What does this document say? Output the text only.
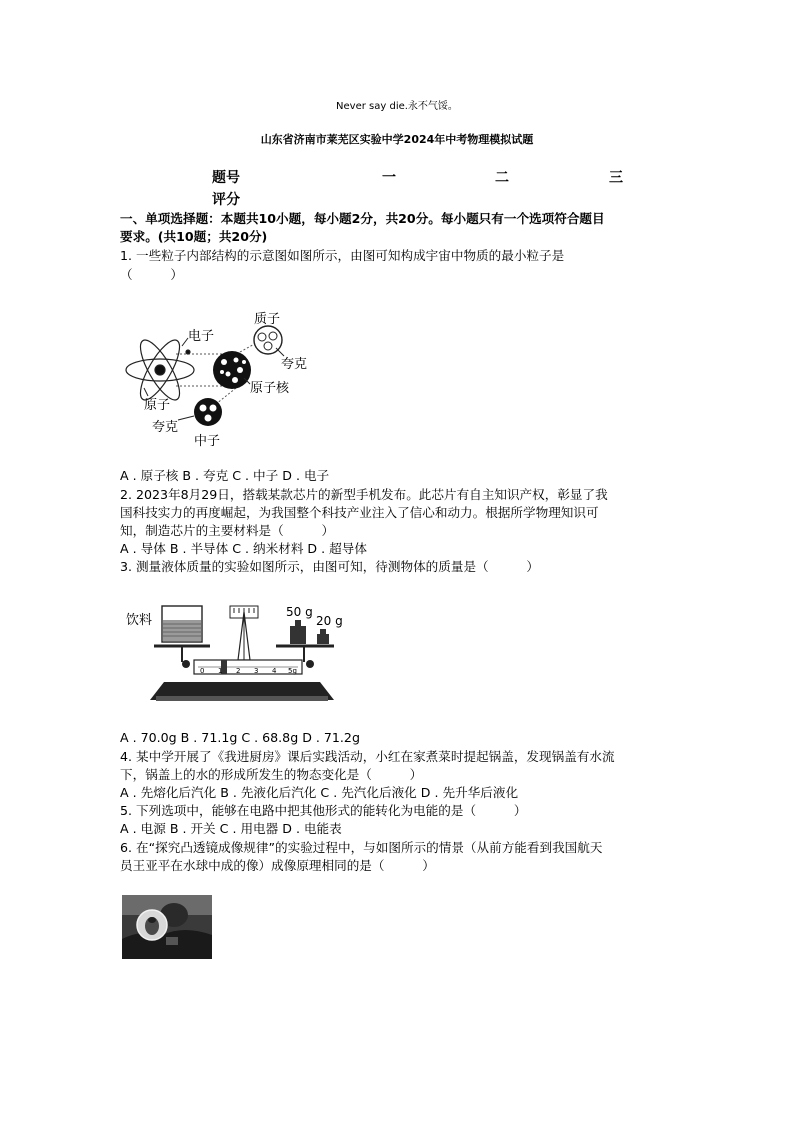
Never say die.永不气馁。
山东省济南市莱芜区实验中学2024年中考物理模拟试题
题号	一	二	三
评分
一、单项选择题：本题共10小题，每小题2分，共20分。每小题只有一个选项符合题目
要求。(共10题；共20分)
1. 一些粒子内部结构的示意图如图所示，由图可知构成宇宙中物质的最小粒子是
（　　　）
电子
质子
夸克
原子核
原子
夸克
中子
A . 原子核 B . 夸克 C . 中子 D . 电子
2. 2023年8月29日，搭载某款芯片的新型手机发布。此芯片有自主知识产权，彰显了我
国科技实力的再度崛起，为我国整个科技产业注入了信心和动力。根据所学物理知识可
知，制造芯片的主要材料是（　　　）
A . 导体 B . 半导体 C . 纳米材料 D . 超导体
3. 测量液体质量的实验如图所示，由图可知，待测物体的质量是（　　　）
饮料
50 g
20 g
0 1 2 3 4 5g
A . 70.0g B . 71.1g C . 68.8g D . 71.2g
4. 某中学开展了《我进厨房》课后实践活动，小红在家煮菜时提起锅盖，发现锅盖有水流
下，锅盖上的水的形成所发生的物态变化是（　　　）
A . 先熔化后汽化 B . 先液化后汽化 C . 先汽化后液化 D . 先升华后液化
5. 下列选项中，能够在电路中把其他形式的能转化为电能的是（　　　）
A . 电源 B . 开关 C . 用电器 D . 电能表
6. 在“探究凸透镜成像规律”的实验过程中，与如图所示的情景（从前方能看到我国航天
员王亚平在水球中成的像）成像原理相同的是（　　　）
